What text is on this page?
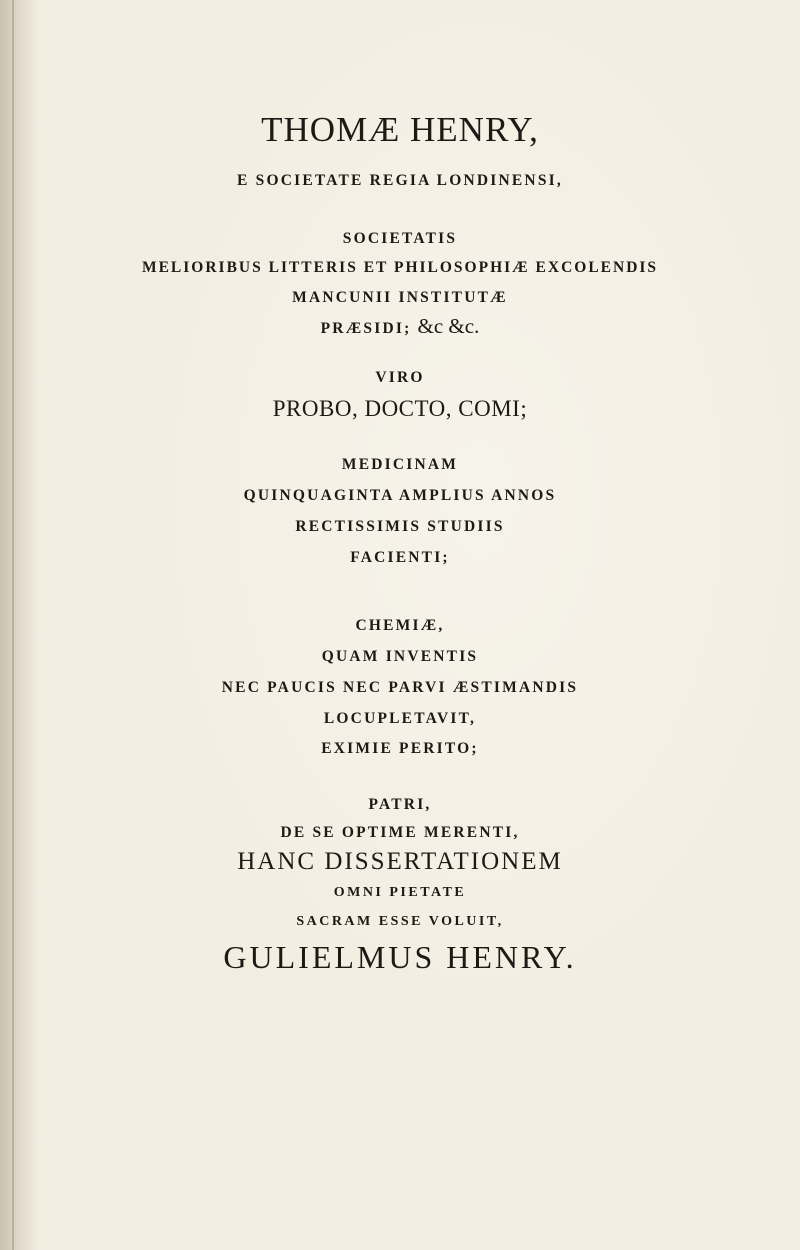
THOMÆ HENRY,
E SOCIETATE REGIA LONDINENSI,
SOCIETATIS
MELIORIBUS LITTERIS ET PHILOSOPHIÆ EXCOLENDIS
MANCUNII INSTITUTÆ
PRÆSIDI; &c &c.
VIRO
PROBO, DOCTO, COMI;
MEDICINAM
QUINQUAGINTA AMPLIUS ANNOS
RECTISSIMIS STUDIIS
FACIENTI;
CHEMIÆ,
QUAM INVENTIS
NEC PAUCIS NEC PARVI ÆSTIMANDIS
LOCUPLETAVIT,
EXIMIE PERITO;
PATRI,
DE SE OPTIME MERENTI,
HANC DISSERTATIONEM
OMNI PIETATE
SACRAM ESSE VOLUIT,
GULIELMUS HENRY.
